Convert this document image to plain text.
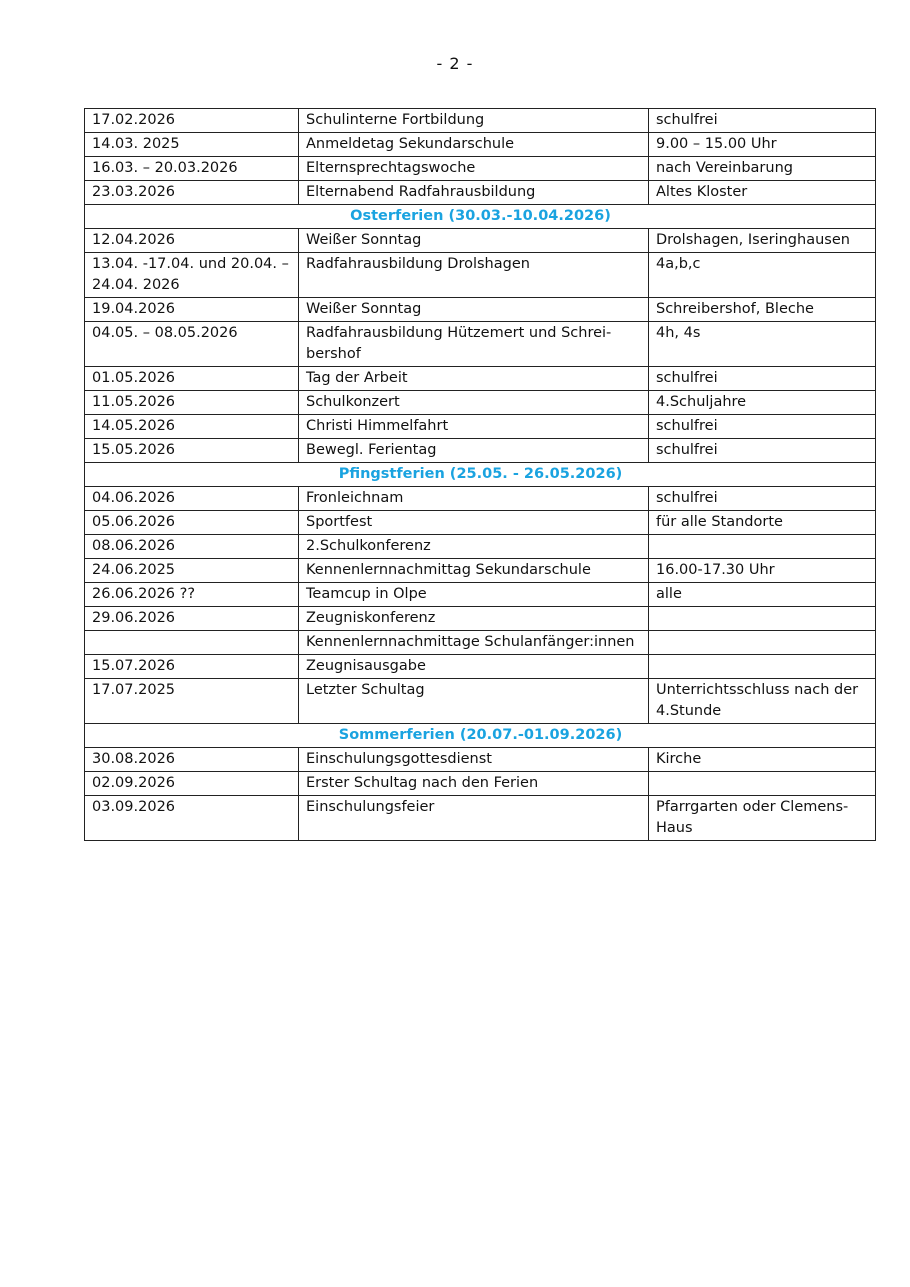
- 2 -
17.02.2026	Schulinterne Fortbildung	schulfrei
14.03. 2025	Anmeldetag Sekundarschule	9.00 – 15.00 Uhr
16.03. – 20.03.2026	Elternsprechtagswoche	nach Vereinbarung
23.03.2026	Elternabend Radfahrausbildung	Altes Kloster
Osterferien (30.03.-10.04.2026)		
12.04.2026	Weißer Sonntag	Drolshagen, Iseringhausen
13.04. -17.04. und 20.04. – 24.04. 2026	Radfahrausbildung Drolshagen	4a,b,c
19.04.2026	Weißer Sonntag	Schreibershof, Bleche
04.05. – 08.05.2026	Radfahrausbildung Hützemert und Schrei-bershof	4h, 4s
01.05.2026	Tag der Arbeit	schulfrei
11.05.2026	Schulkonzert	4.Schuljahre
14.05.2026	Christi Himmelfahrt	schulfrei
15.05.2026	Bewegl. Ferientag	schulfrei
Pfingstferien (25.05. - 26.05.2026)		
04.06.2026	Fronleichnam	schulfrei
05.06.2026	Sportfest	für alle Standorte
08.06.2026	2.Schulkonferenz	
24.06.2025	Kennenlernnachmittag Sekundarschule	16.00-17.30 Uhr
26.06.2026 ??	Teamcup in Olpe	alle
29.06.2026	Zeugniskonferenz	
	Kennenlernnachmittage Schulanfänger:innen	
15.07.2026	Zeugnisausgabe	
17.07.2025	Letzter Schultag	Unterrichtsschluss nach der 4.Stunde
Sommerferien (20.07.-01.09.2026)		
30.08.2026	Einschulungsgottesdienst	Kirche
02.09.2026	Erster Schultag nach den Ferien	
03.09.2026	Einschulungsfeier	Pfarrgarten oder Clemens-Haus
